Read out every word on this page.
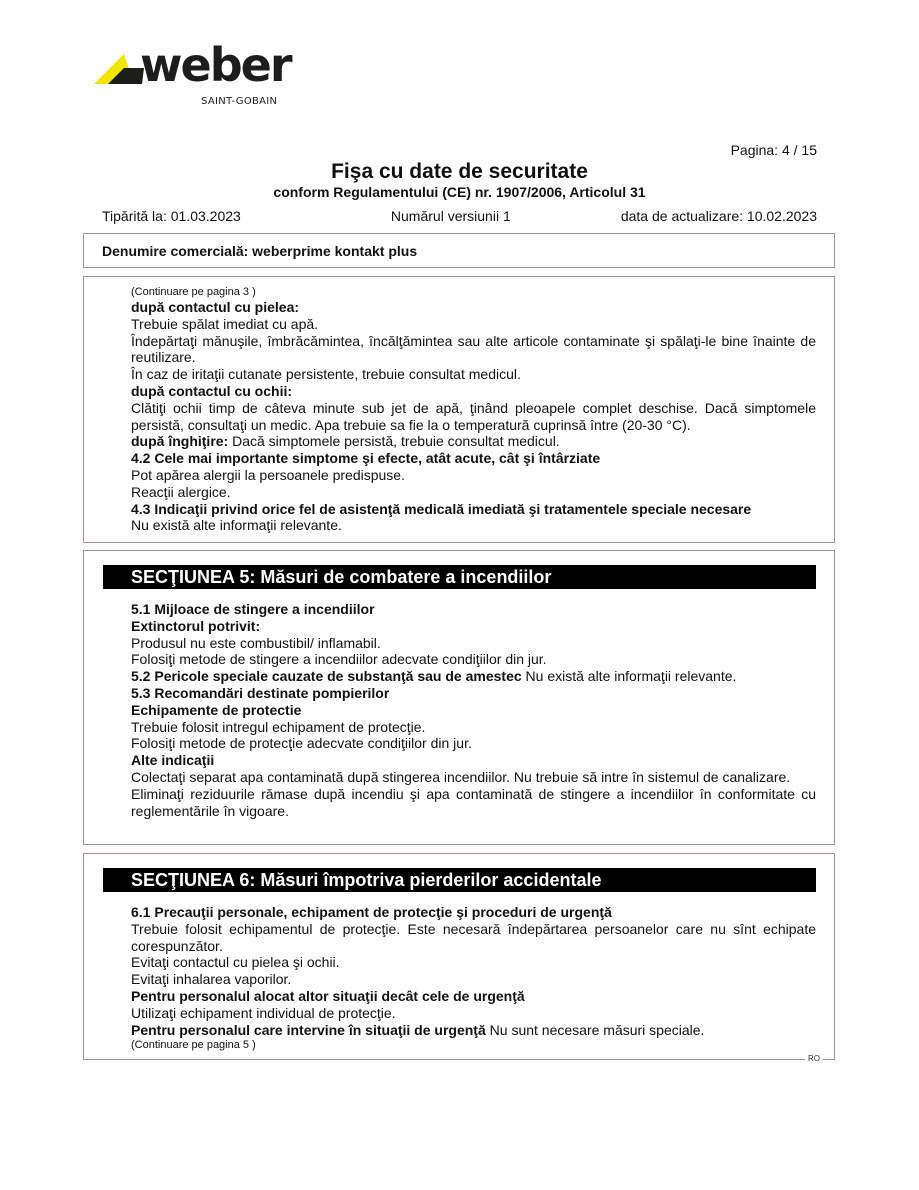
weber
SAINT-GOBAIN
Pagina: 4 / 15
Fişa cu date de securitate
conform Regulamentului (CE) nr. 1907/2006, Articolul 31
Tipărită la: 01.03.2023	Numărul versiunii 1	data de actualizare: 10.02.2023
Denumire comercială: weberprime kontakt plus

(Continuare pe pagina 3 )

după contactul cu pielea:

Trebuie spălat imediat cu apă.

Îndepărtaţi mănuşile, îmbrăcămintea, încălţămintea sau alte articole contaminate şi spălaţi-le bine înainte de reutilizare.

În caz de iritaţii cutanate persistente, trebuie consultat medicul.

după contactul cu ochii:

Clătiţi ochii timp de câteva minute sub jet de apă, ţinând pleoapele complet deschise. Dacă simptomele persistă, consultaţi un medic. Apa trebuie sa fie la o temperatură cuprinsă între (20-30 °C).

după înghiţire: Dacă simptomele persistă, trebuie consultat medicul.

4.2 Cele mai importante simptome şi efecte, atât acute, cât şi întârziate

Pot apărea alergii la persoanele predispuse.

Reacţii alergice.

4.3 Indicaţii privind orice fel de asistenţă medicală imediată şi tratamentele speciale necesare

Nu există alte informaţii relevante.

SECŢIUNEA 5: Măsuri de combatere a incendiilor

5.1 Mijloace de stingere a incendiilor

Extinctorul potrivit:

Produsul nu este combustibil/ inflamabil.

Folosiţi metode de stingere a incendiilor adecvate condiţiilor din jur.

5.2 Pericole speciale cauzate de substanţă sau de amestec Nu există alte informaţii relevante.

5.3 Recomandări destinate pompierilor

Echipamente de protectie

Trebuie folosit intregul echipament de protecţie.

Folosiţi metode de protecţie adecvate condiţiilor din jur.

Alte indicaţii

Colectaţi separat apa contaminată după stingerea incendiilor. Nu trebuie să intre în sistemul de canalizare.

Eliminaţi reziduurile rămase după incendiu şi apa contaminată de stingere a incendiilor în conformitate cu reglementările în vigoare.

SECŢIUNEA 6: Măsuri împotriva pierderilor accidentale

6.1 Precauţii personale, echipament de protecţie şi proceduri de urgenţă

Trebuie folosit echipamentul de protecţie. Este necesară îndepărtarea persoanelor care nu sînt echipate corespunzător.

Evitaţi contactul cu pielea şi ochii.

Evitaţi inhalarea vaporilor.

Pentru personalul alocat altor situaţii decât cele de urgenţă

Utilizaţi echipament individual de protecţie.

Pentru personalul care intervine în situaţii de urgenţă Nu sunt necesare măsuri speciale.

(Continuare pe pagina 5 )

RO
